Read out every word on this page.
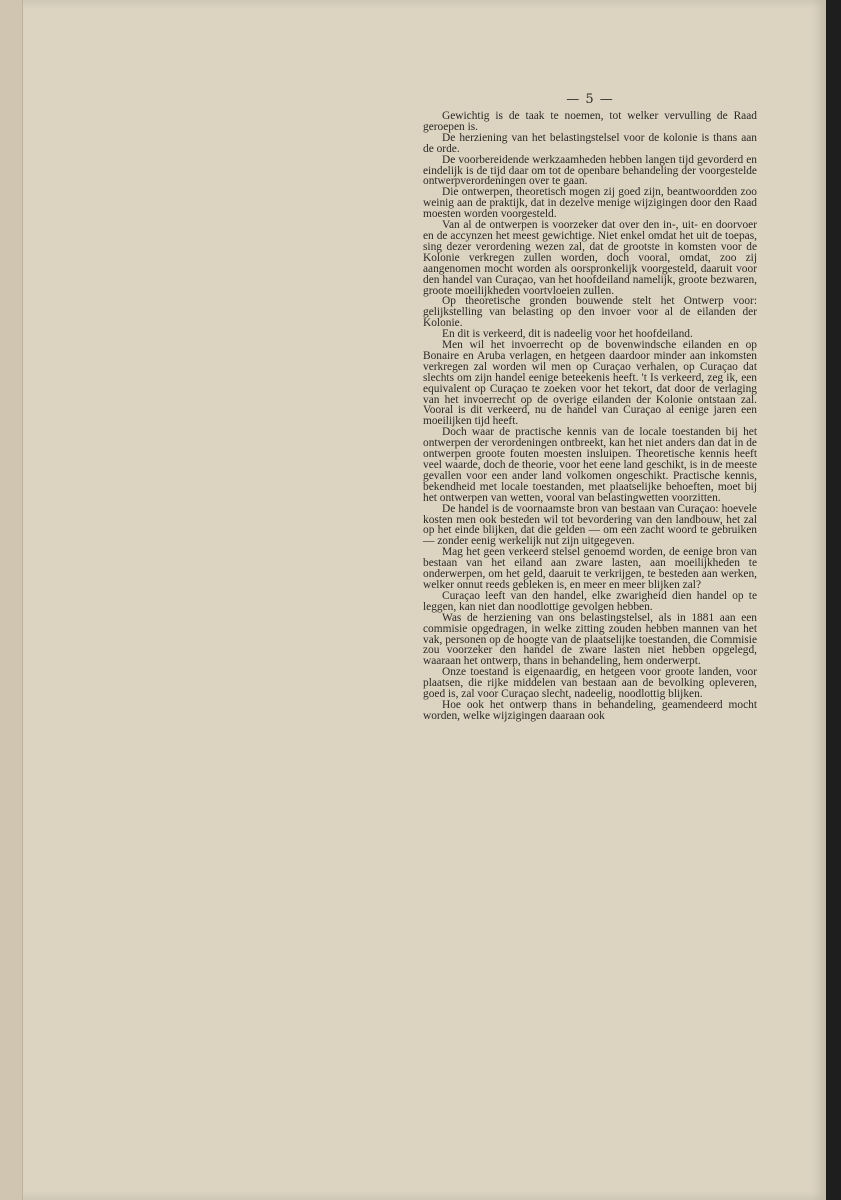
— 5 —

Gewichtig is de taak te noemen, tot welker vervulling de Raad geroepen is.

De herziening van het belastingstelsel voor de kolonie is thans aan de orde.

De voorbereidende werkzaamheden hebben langen tijd gevorderd en eindelijk is de tijd daar om tot de openbare behandeling der voorgestelde ontwerpverordeningen over te gaan.

Die ontwerpen, theoretisch mogen zij goed zijn, beantwoordden zoo weinig aan de praktijk, dat in dezelve menige wijzigingen door den Raad moesten worden voorgesteld.

Van al de ontwerpen is voorzeker dat over den in-, uit- en doorvoer en de accynzen het meest gewichtige. Niet enkel omdat het uit de toepas, sing dezer verordening wezen zal, dat de grootste in komsten voor de Kolonie verkregen zullen worden, doch vooral, omdat, zoo zij aangenomen mocht worden als oorspronkelijk voorgesteld, daaruit voor den handel van Curaçao, van het hoofdeiland namelijk, groote bezwaren, groote moeilijkheden voortvloeien zullen.

Op theoretische gronden bouwende stelt het Ontwerp voor: gelijkstelling van belasting op den invoer voor al de eilanden der Kolonie.

En dit is verkeerd, dit is nadeelig voor het hoofdeiland.

Men wil het invoerrecht op de bovenwindsche eilanden en op Bonaire en Aruba verlagen, en hetgeen daardoor minder aan inkomsten verkregen zal worden wil men op Curaçao verhalen, op Curaçao dat slechts om zijn handel eenige beteekenis heeft. 't Is verkeerd, zeg ik, een equivalent op Curaçao te zoeken voor het tekort, dat door de verlaging van het invoerrecht op de overige eilanden der Kolonie ontstaan zal. Vooral is dit verkeerd, nu de handel van Curaçao al eenige jaren een moeilijken tijd heeft.

Doch waar de practische kennis van de locale toestanden bij het ontwerpen der verordeningen ontbreekt, kan het niet anders dan dat in de ontwerpen groote fouten moesten insluipen. Theoretische kennis heeft veel waarde, doch de theorie, voor het eene land geschikt, is in de meeste gevallen voor een ander land volkomen ongeschikt. Practische kennis, bekendheid met locale toestanden, met plaatselijke behoeften, moet bij het ontwerpen van wetten, vooral van belastingwetten voorzitten.

De handel is de voornaamste bron van bestaan van Curaçao: hoevele kosten men ook besteden wil tot bevordering van den landbouw, het zal op het einde blijken, dat die gelden — om een zacht woord te gebruiken — zonder eenig werkelijk nut zijn uitgegeven.

Mag het geen verkeerd stelsel genoemd worden, de eenige bron van bestaan van het eiland aan zware lasten, aan moeilijkheden te onderwerpen, om het geld, daaruit te verkrijgen, te besteden aan werken, welker onnut reeds gebleken is, en meer en meer blijken zal?

Curaçao leeft van den handel, elke zwarigheid dien handel op te leggen, kan niet dan noodlottige gevolgen hebben.

Was de herziening van ons belastingstelsel, als in 1881 aan een commisie opgedragen, in welke zitting zouden hebben mannen van het vak, personen op de hoogte van de plaatselijke toestanden, die Commisie zou voorzeker den handel de zware lasten niet hebben opgelegd, waaraan het ontwerp, thans in behandeling, hem onderwerpt.

Onze toestand is eigenaardig, en hetgeen voor groote landen, voor plaatsen, die rijke middelen van bestaan aan de bevolking opleveren, goed is, zal voor Curaçao slecht, nadeelig, noodlottig blijken.

Hoe ook het ontwerp thans in behandeling, geamendeerd mocht worden, welke wijzigingen daaraan ook
